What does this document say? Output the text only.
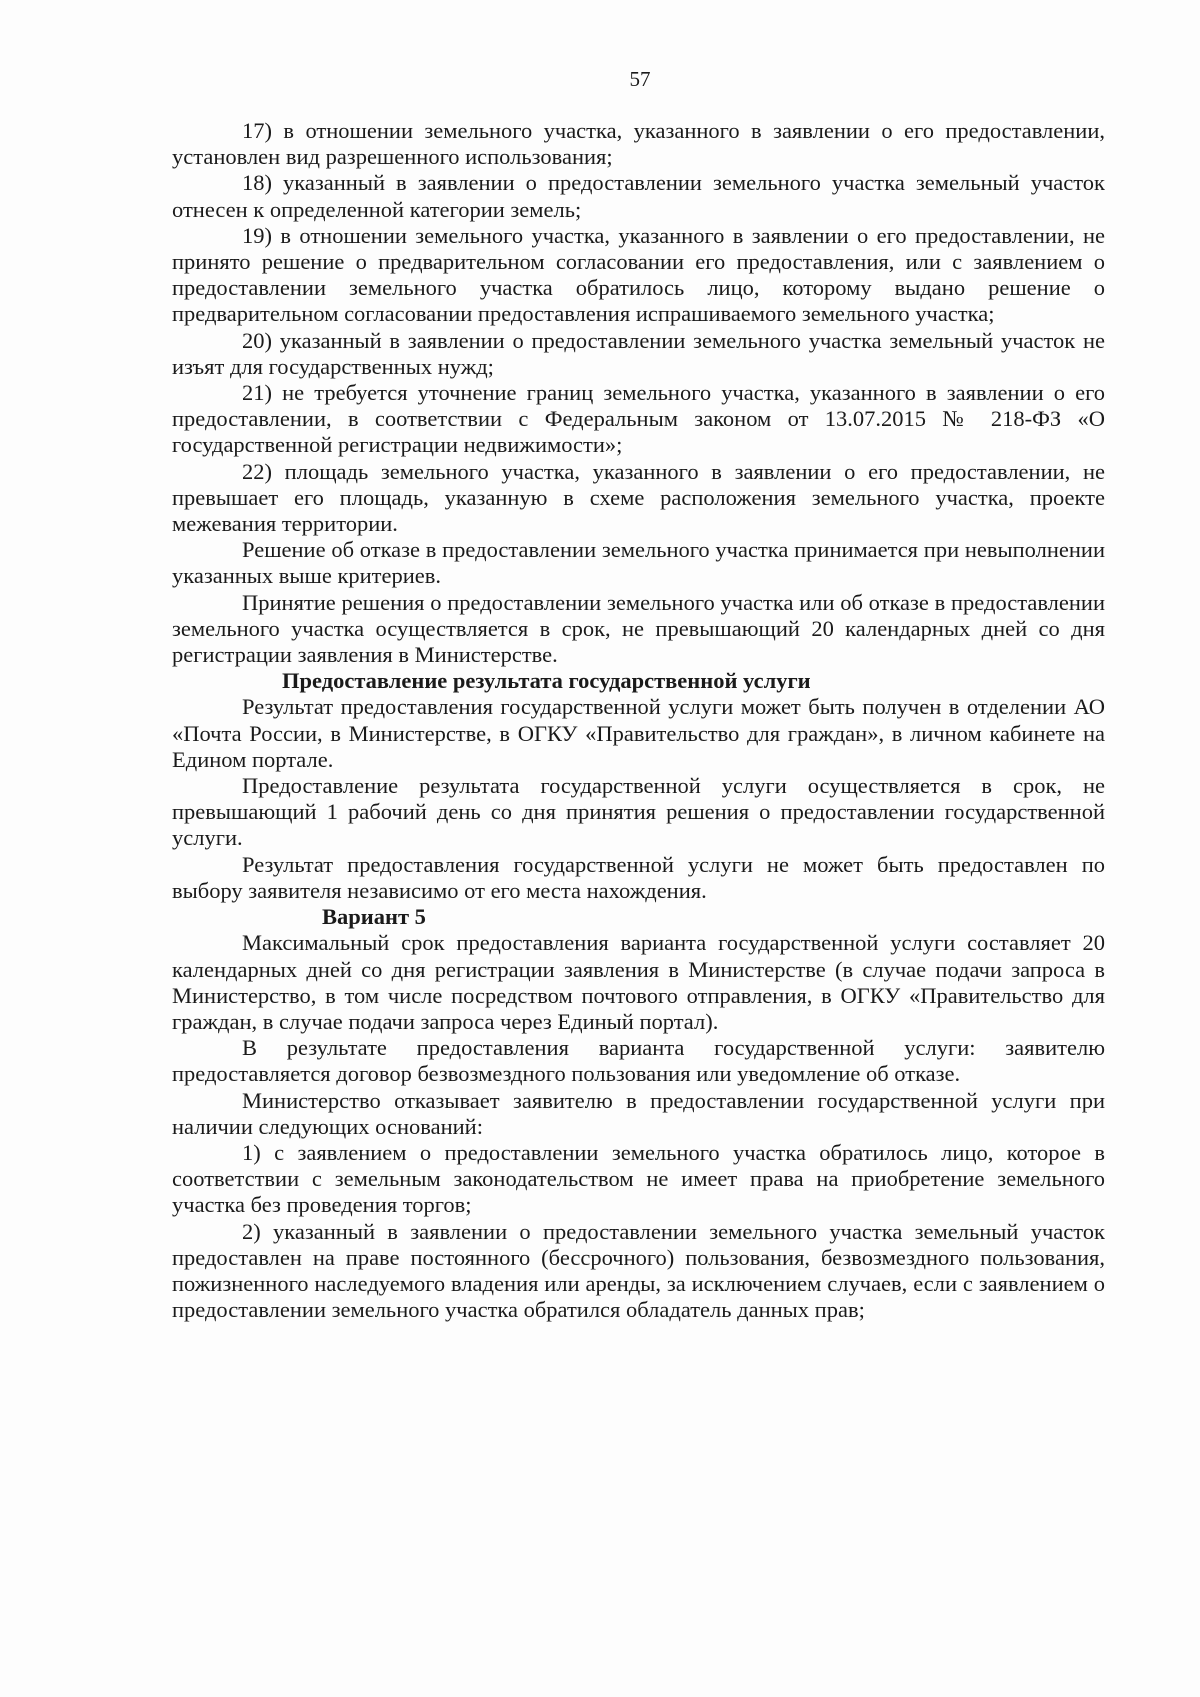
57

17) в отношении земельного участка, указанного в заявлении о его предоставлении, установлен вид разрешенного использования;

18) указанный в заявлении о предоставлении земельного участка земельный участок отнесен к определенной категории земель;

19) в отношении земельного участка, указанного в заявлении о его предоставлении, не принято решение о предварительном согласовании его предоставления, или с заявлением о предоставлении земельного участка обратилось лицо, которому выдано решение о предварительном согласовании предоставления испрашиваемого земельного участка;

20) указанный в заявлении о предоставлении земельного участка земельный участок не изъят для государственных нужд;

21) не требуется уточнение границ земельного участка, указанного в заявлении о его предоставлении, в соответствии с Федеральным законом от 13.07.2015 № 218-ФЗ «О государственной регистрации недвижимости»;

22) площадь земельного участка, указанного в заявлении о его предоставлении, не превышает его площадь, указанную в схеме расположения земельного участка, проекте межевания территории.

Решение об отказе в предоставлении земельного участка принимается при невыполнении указанных выше критериев.

Принятие решения о предоставлении земельного участка или об отказе в предоставлении земельного участка осуществляется в срок, не превышающий 20 календарных дней со дня регистрации заявления в Министерстве.

Предоставление результата государственной услуги

Результат предоставления государственной услуги может быть получен в отделении АО «Почта России, в Министерстве, в ОГКУ «Правительство для граждан», в личном кабинете на Едином портале.

Предоставление результата государственной услуги осуществляется в срок, не превышающий 1 рабочий день со дня принятия решения о предоставлении государственной услуги.

Результат предоставления государственной услуги не может быть предоставлен по выбору заявителя независимо от его места нахождения.

Вариант 5

Максимальный срок предоставления варианта государственной услуги составляет 20 календарных дней со дня регистрации заявления в Министерстве (в случае подачи запроса в Министерство, в том числе посредством почтового отправления, в ОГКУ «Правительство для граждан, в случае подачи запроса через Единый портал).

В результате предоставления варианта государственной услуги: заявителю предоставляется договор безвозмездного пользования или уведомление об отказе.

Министерство отказывает заявителю в предоставлении государственной услуги при наличии следующих оснований:

1) с заявлением о предоставлении земельного участка обратилось лицо, которое в соответствии с земельным законодательством не имеет права на приобретение земельного участка без проведения торгов;

2) указанный в заявлении о предоставлении земельного участка земельный участок предоставлен на праве постоянного (бессрочного) пользования, безвозмездного пользования, пожизненного наследуемого владения или аренды, за исключением случаев, если с заявлением о предоставлении земельного участка обратился обладатель данных прав;
